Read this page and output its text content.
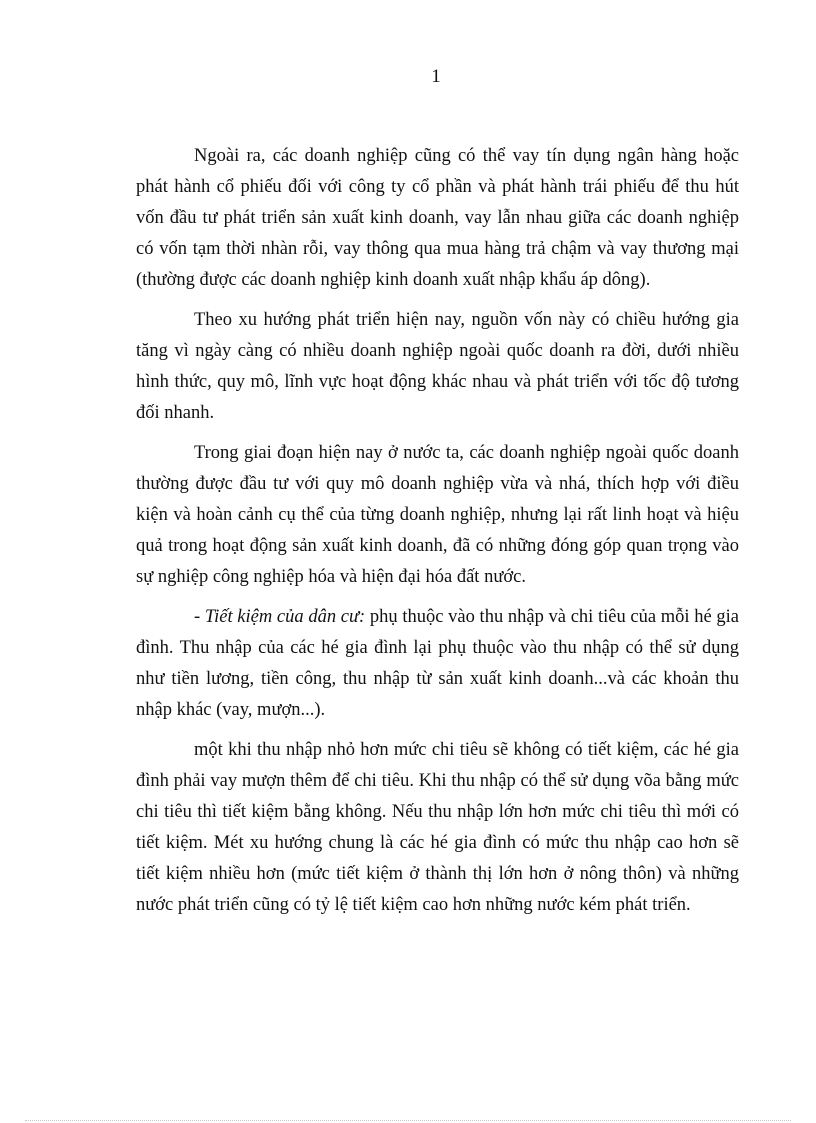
1

Ngoài ra, các doanh nghiệp cũng có thể vay tín dụng ngân hàng hoặc phát hành cổ phiếu đối với công ty cổ phần và phát hành trái phiếu để thu hút vốn đầu tư phát triển sản xuất kinh doanh, vay lẫn nhau giữa các doanh nghiệp có vốn tạm thời nhàn rỗi, vay thông qua mua hàng trả chậm và vay thương mại (thường được các doanh nghiệp kinh doanh xuất nhập khẩu áp dông).

Theo xu hướng phát triển hiện nay, nguồn vốn này có chiều hướng gia tăng vì ngày càng có nhiều doanh nghiệp ngoài quốc doanh ra đời, dưới nhiều hình thức, quy mô, lĩnh vực hoạt động khác nhau và phát triển với tốc độ tương đối nhanh.

Trong giai đoạn hiện nay ở nước ta, các doanh nghiệp ngoài quốc doanh thường được đầu tư với quy mô doanh nghiệp vừa và nhá, thích hợp với điều kiện và hoàn cảnh cụ thể của từng doanh nghiệp, nhưng lại rất linh hoạt và hiệu quả trong hoạt động sản xuất kinh doanh, đã có những đóng góp quan trọng vào sự nghiệp công nghiệp hóa và hiện đại hóa đất nước.

- Tiết kiệm của dân cư: phụ thuộc vào thu nhập và chi tiêu của mỗi hé gia đình. Thu nhập của các hé gia đình lại phụ thuộc vào thu nhập có thể sử dụng như tiền lương, tiền công, thu nhập từ sản xuất kinh doanh...và các khoản thu nhập khác (vay, mượn...).

một khi thu nhập nhỏ hơn mức chi tiêu sẽ không có tiết kiệm, các hé gia đình phải vay mượn thêm để chi tiêu. Khi thu nhập có thể sử dụng võa bằng mức chi tiêu thì tiết kiệm bằng không. Nếu thu nhập lớn hơn mức chi tiêu thì mới có tiết kiệm. Mét xu hướng chung là các hé gia đình có mức thu nhập cao hơn sẽ tiết kiệm nhiều hơn (mức tiết kiệm ở thành thị lớn hơn ở nông thôn) và những nước phát triển cũng có tỷ lệ tiết kiệm cao hơn những nước kém phát triển.
